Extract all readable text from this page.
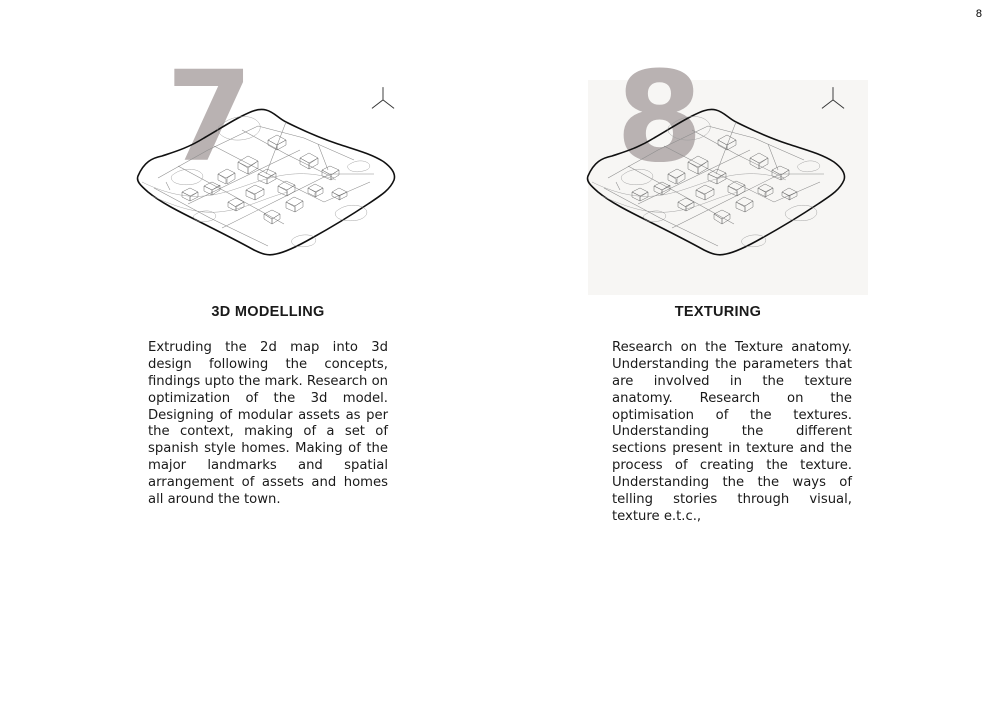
8
7
3D MODELLING
Extruding the 2d map into 3d design following the concepts, findings upto the mark. Research on optimization of the 3d model. Designing of modular assets as per the context, making of a set of spanish style homes. Making of the major landmarks and spatial arrangement of assets and homes all around the town.
8
TEXTURING
Research on the Texture anatomy. Understanding the parameters that are involved in the texture anatomy. Research on the optimisation of the textures. Understanding the different sections present in texture and the process of creating the texture. Understanding the the ways of telling stories through visual, texture e.t.c.,
